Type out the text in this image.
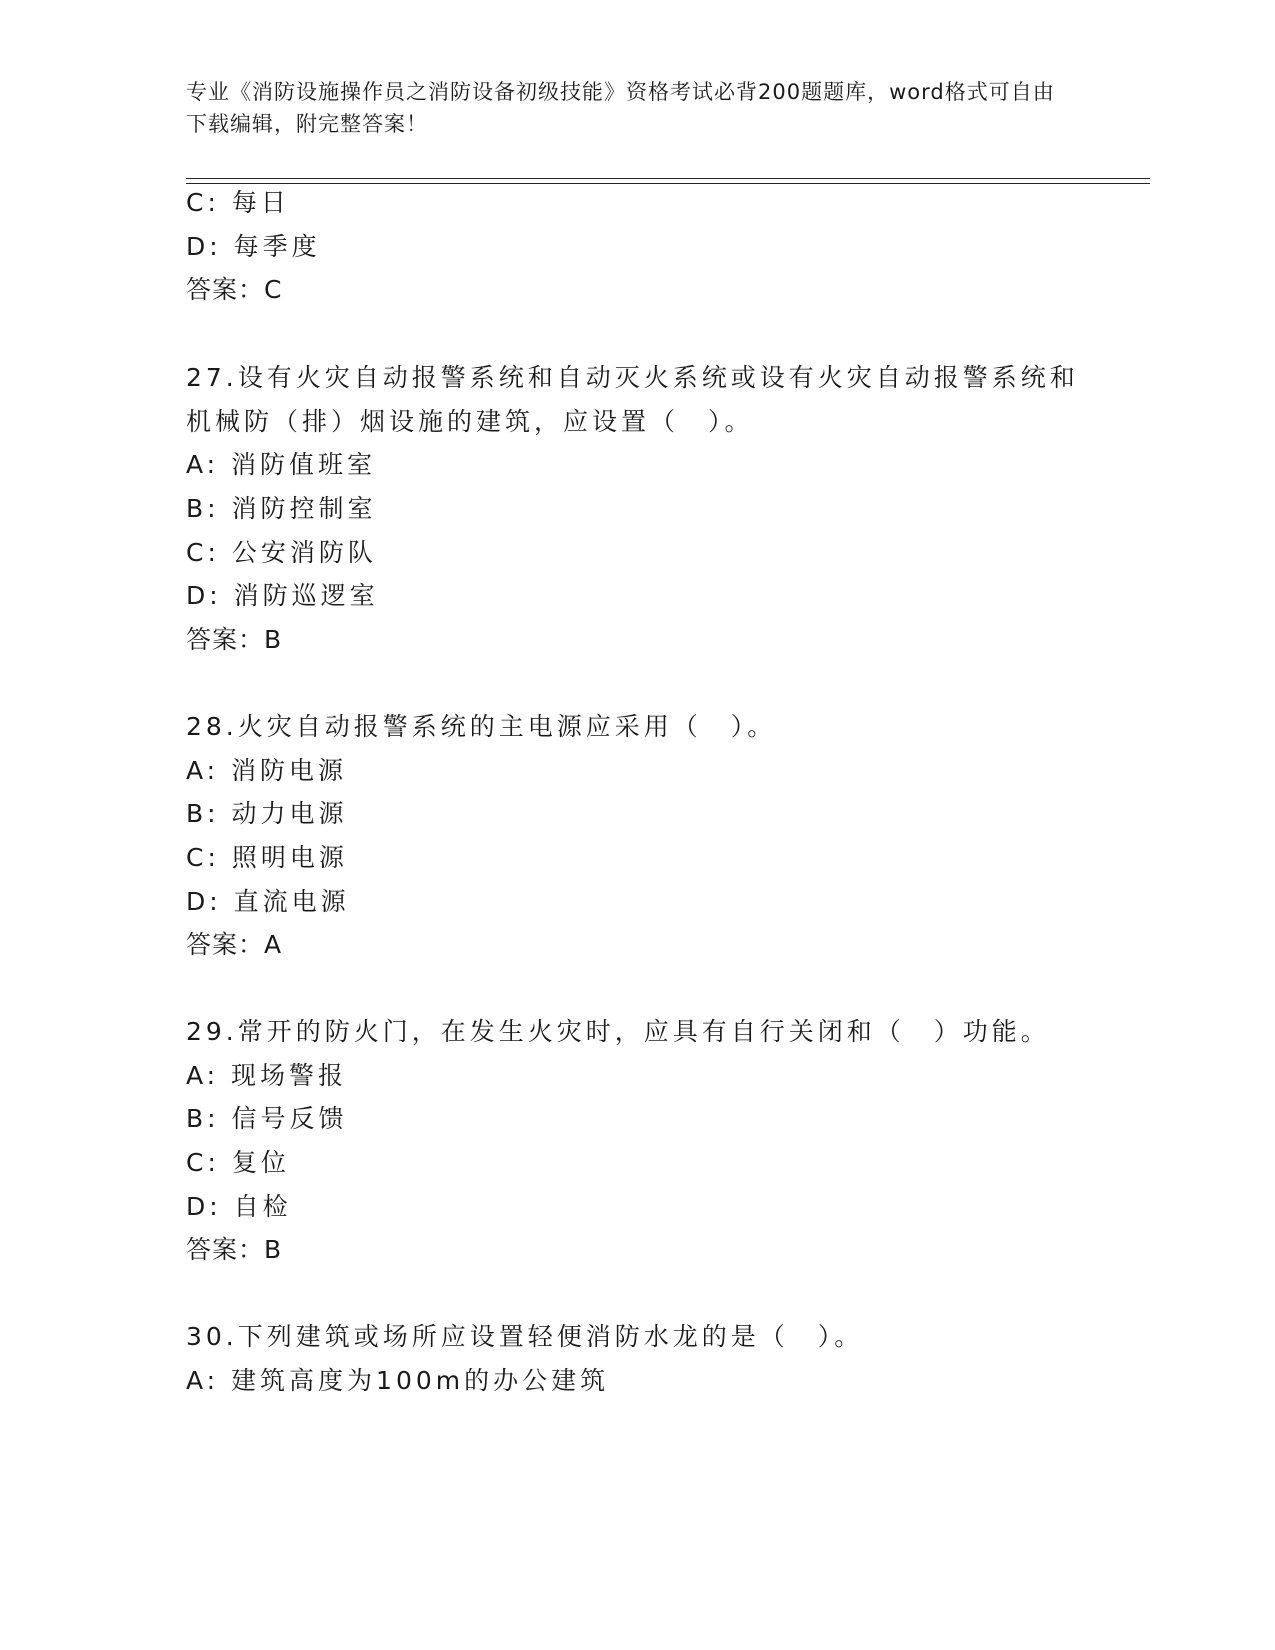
专业《消防设施操作员之消防设备初级技能》资格考试必背200题题库，word格式可自由下载编辑，附完整答案！
C: 每日
D: 每季度
答案：C
27.设有火灾自动报警系统和自动灭火系统或设有火灾自动报警系统和
机械防（排）烟设施的建筑，应设置（　）。
A: 消防值班室
B: 消防控制室
C: 公安消防队
D: 消防巡逻室
答案：B
28.火灾自动报警系统的主电源应采用（　）。
A: 消防电源
B: 动力电源
C: 照明电源
D: 直流电源
答案：A
29.常开的防火门，在发生火灾时，应具有自行关闭和（　）功能。
A: 现场警报
B: 信号反馈
C: 复位
D: 自检
答案：B
30.下列建筑或场所应设置轻便消防水龙的是（　）。
A: 建筑高度为100m的办公建筑
